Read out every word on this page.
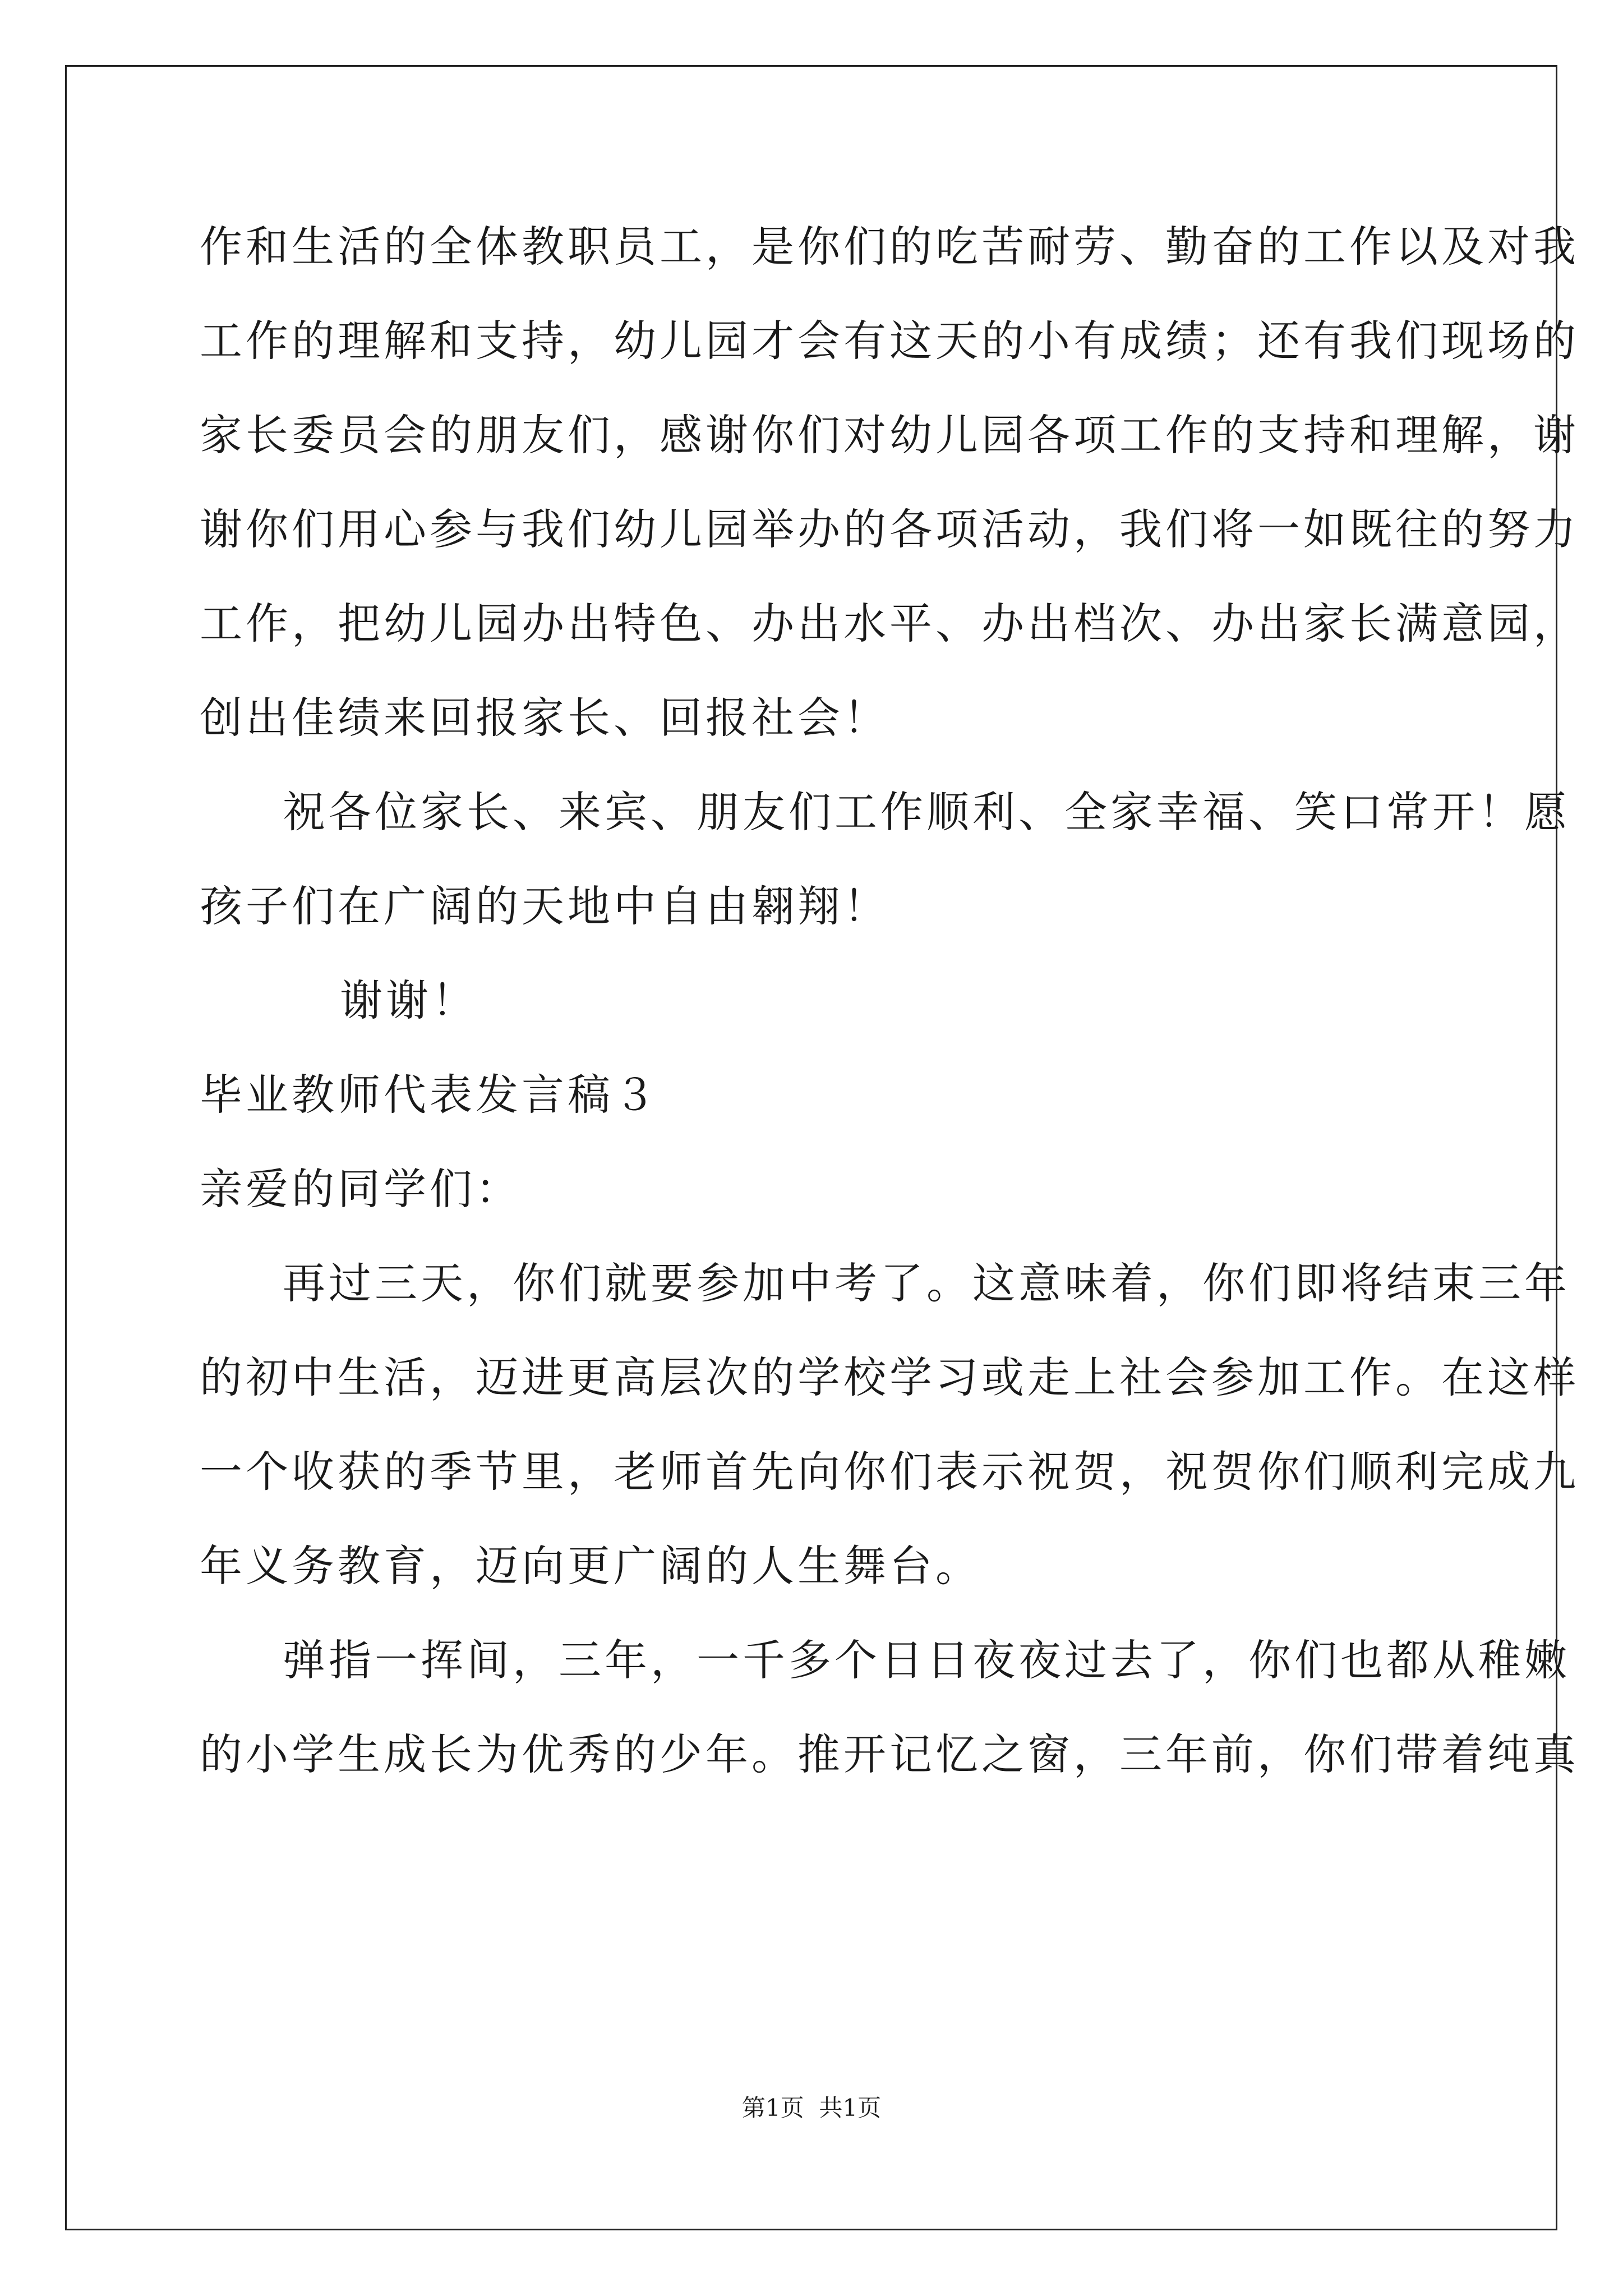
作和生活的全体教职员工，是你们的吃苦耐劳、勤奋的工作以及对我
工作的理解和支持，幼儿园才会有这天的小有成绩；还有我们现场的
家长委员会的朋友们，感谢你们对幼儿园各项工作的支持和理解，谢
谢你们用心参与我们幼儿园举办的各项活动，我们将一如既往的努力
工作，把幼儿园办出特色、办出水平、办出档次、办出家长满意园，
创出佳绩来回报家长、回报社会！
祝各位家长、来宾、朋友们工作顺利、全家幸福、笑口常开！愿
孩子们在广阔的天地中自由翱翔！
谢谢！
毕业教师代表发言稿３
亲爱的同学们：
再过三天，你们就要参加中考了。这意味着，你们即将结束三年
的初中生活，迈进更高层次的学校学习或走上社会参加工作。在这样
一个收获的季节里，老师首先向你们表示祝贺，祝贺你们顺利完成九
年义务教育，迈向更广阔的人生舞台。
弹指一挥间，三年，一千多个日日夜夜过去了，你们也都从稚嫩
的小学生成长为优秀的少年。推开记忆之窗，三年前，你们带着纯真
第1页  共1页
